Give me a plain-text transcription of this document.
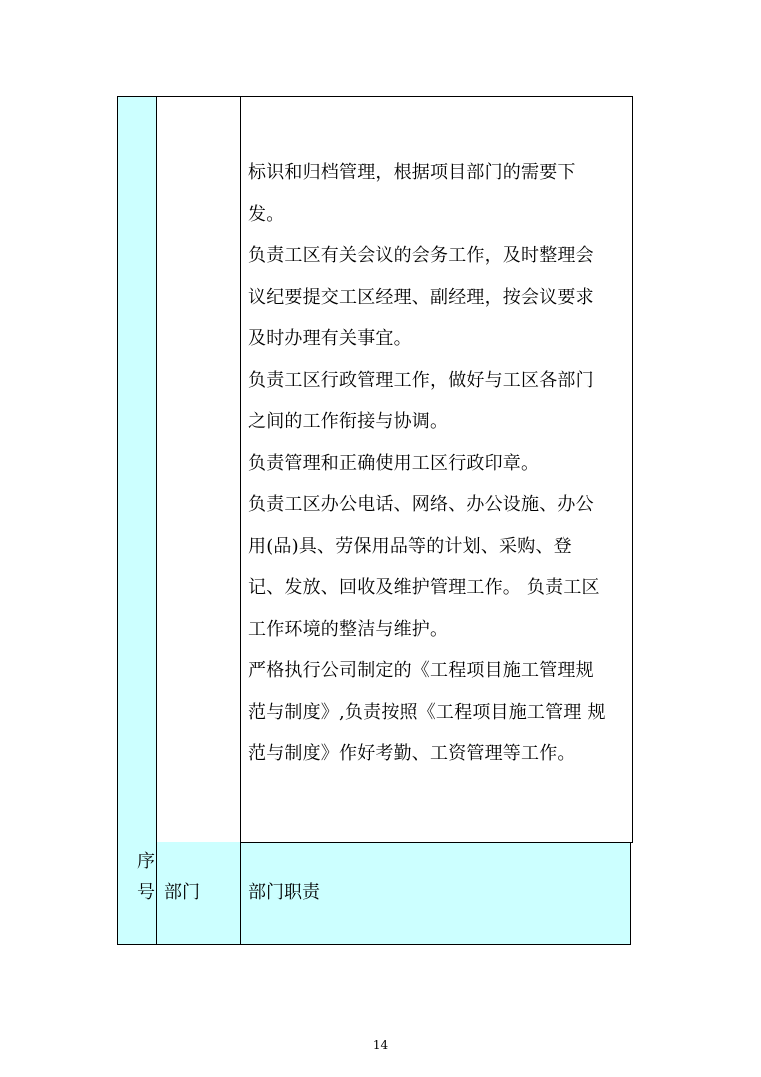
标识和归档管理，根据项目部门的需要下

发。

负责工区有关会议的会务工作，及时整理会

议纪要提交工区经理、副经理，按会议要求

及时办理有关事宜。

负责工区行政管理工作，做好与工区各部门

之间的工作衔接与协调。

负责管理和正确使用工区行政印章。

负责工区办公电话、网络、办公设施、办公

用(品)具、劳保用品等的计划、采购、登

记、发放、回收及维护管理工作。 负责工区

工作环境的整洁与维护。

严格执行公司制定的《工程项目施工管理规

范与制度》,负责按照《工程项目施工管理 规

范与制度》作好考勤、工资管理等工作。

序
号 部门	部门职责
14
